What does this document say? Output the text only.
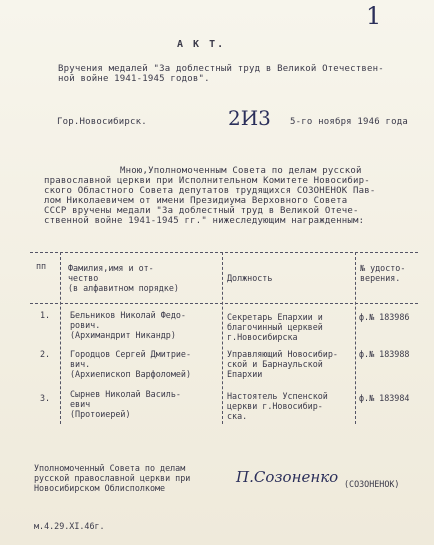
1
А К Т.
Вручения медалей "За доблестный труд в Великой Отечествен-
ной войне 1941-1945 годов".
Гор.Новосибирск.	2И3 5-го ноября 1946 года
Мною,Уполномоченным Совета по делам русской
православной церкви при Исполнительном Комитете Новосибир-
ского Областного Совета депутатов трудящихся СОЗОНЕНОК Пав-
лом Николаевичем от имени Президиума Верховного Совета
СССР вручены медали "За доблестный труд в Великой Отече-
ственной войне 1941-1945 гг." нижеследующим награжденным:
пп	Фамилия,имя и от-
чество
(в алфавитном порядке)
Должность
№ удосто-
верения.
1. Бельников Николай Федо-
рович.
(Архимандрит Никандр)
Секретарь Епархии и
благочинный церквей
г.Новосибирска
ф.№ 183986
2. Городцов Сергей Дмитрие-
вич.
(Архиепископ Варфоломей)
Управляющий Новосибир-
ской и Барнаульской
Епархии
ф.№ 183988
3. Сырнев Николай Василь-
евич
(Протоиерей)
Настоятель Успенской
церкви г.Новосибир-
ска.
ф.№ 183984
Уполномоченный Совета по делам
русской православной церкви при
Новосибирском Облисполкоме
П.Созоненко (СОЗОНЕНОК)
м.4.29.XI.46г.
